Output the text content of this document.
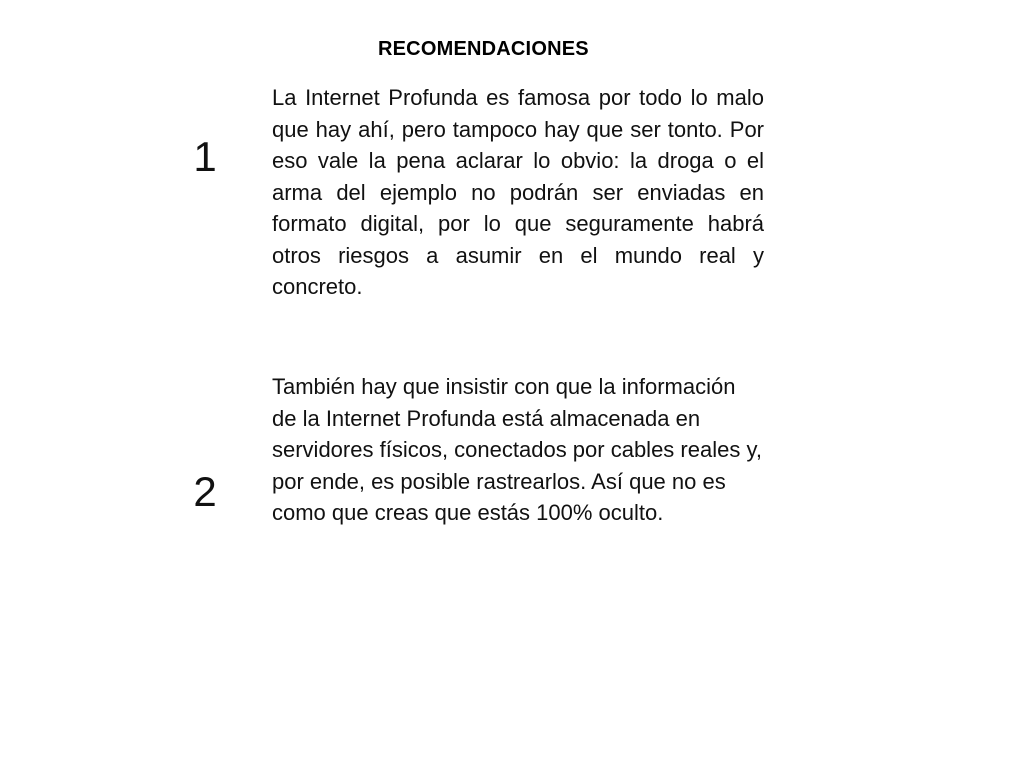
RECOMENDACIONES
1

La Internet Profunda es famosa por todo lo malo que hay ahí, pero tampoco hay que ser tonto. Por eso vale la pena aclarar lo obvio: la droga o el arma del ejemplo no podrán ser enviadas en formato digital, por lo que seguramente habrá otros riesgos a asumir en el mundo real y concreto.

2

También hay que insistir con que la información de la Internet Profunda está almacenada en servidores físicos, conectados por cables reales y, por ende, es posible rastrearlos. Así que no es como que creas que estás 100% oculto.
